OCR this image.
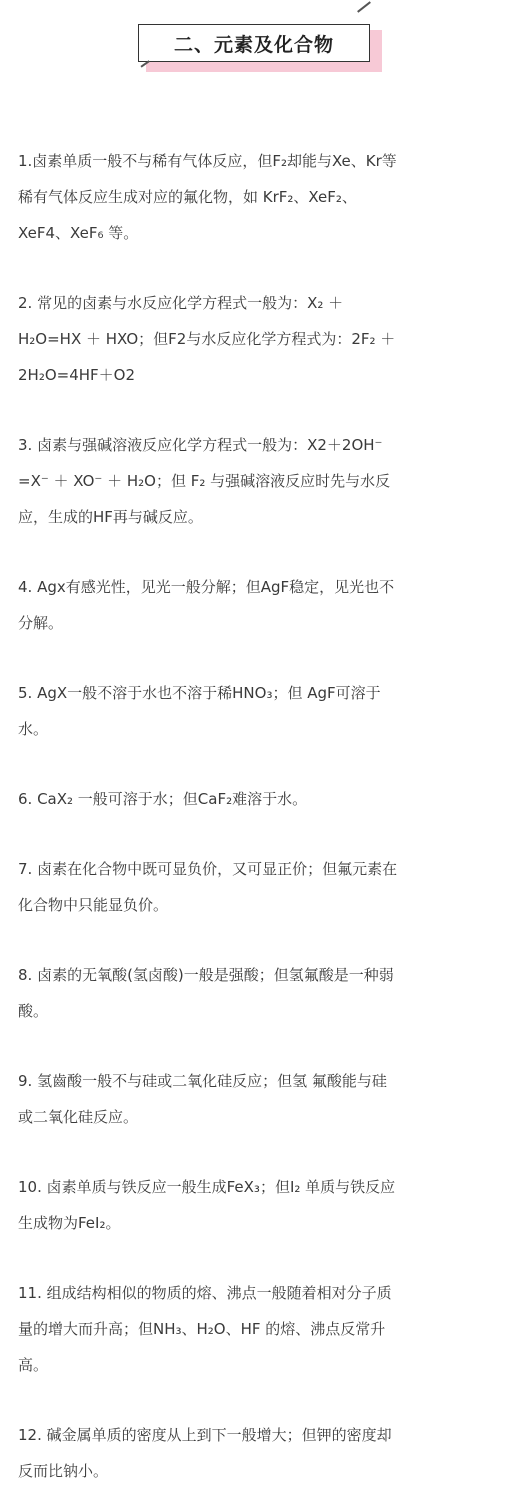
二、元素及化合物

1.卤素单质一般不与稀有气体反应，但F₂却能与Xe、Kr等
稀有气体反应生成对应的氟化物，如 KrF₂、XeF₂、
XeF4、XeF₆ 等。

2. 常见的卤素与水反应化学方程式一般为：X₂ ＋
H₂O=HX ＋ HXO；但F2与水反应化学方程式为：2F₂ ＋
2H₂O=4HF＋O2

3. 卤素与强碱溶液反应化学方程式一般为：X2＋2OH⁻
=X⁻ ＋ XO⁻ ＋ H₂O；但 F₂ 与强碱溶液反应时先与水反
应，生成的HF再与碱反应。

4. Agx有感光性，见光一般分解；但AgF稳定，见光也不
分解。

5. AgX一般不溶于水也不溶于稀HNO₃；但 AgF可溶于
水。

6. CaX₂ 一般可溶于水；但CaF₂难溶于水。

7. 卤素在化合物中既可显负价，又可显正价；但氟元素在
化合物中只能显负价。

8. 卤素的无氧酸(氢卤酸)一般是强酸；但氢氟酸是一种弱
酸。

9. 氢齒酸一般不与硅或二氧化硅反应；但氢 氟酸能与硅
或二氧化硅反应。

10. 卤素单质与铁反应一般生成FeX₃；但I₂ 单质与铁反应
生成物为FeI₂。

11. 组成结构相似的物质的熔、沸点一般随着相对分子质
量的增大而升高；但NH₃、H₂O、HF 的熔、沸点反常升
高。

12. 碱金属单质的密度从上到下一般增大；但钾的密度却
反而比钠小。
